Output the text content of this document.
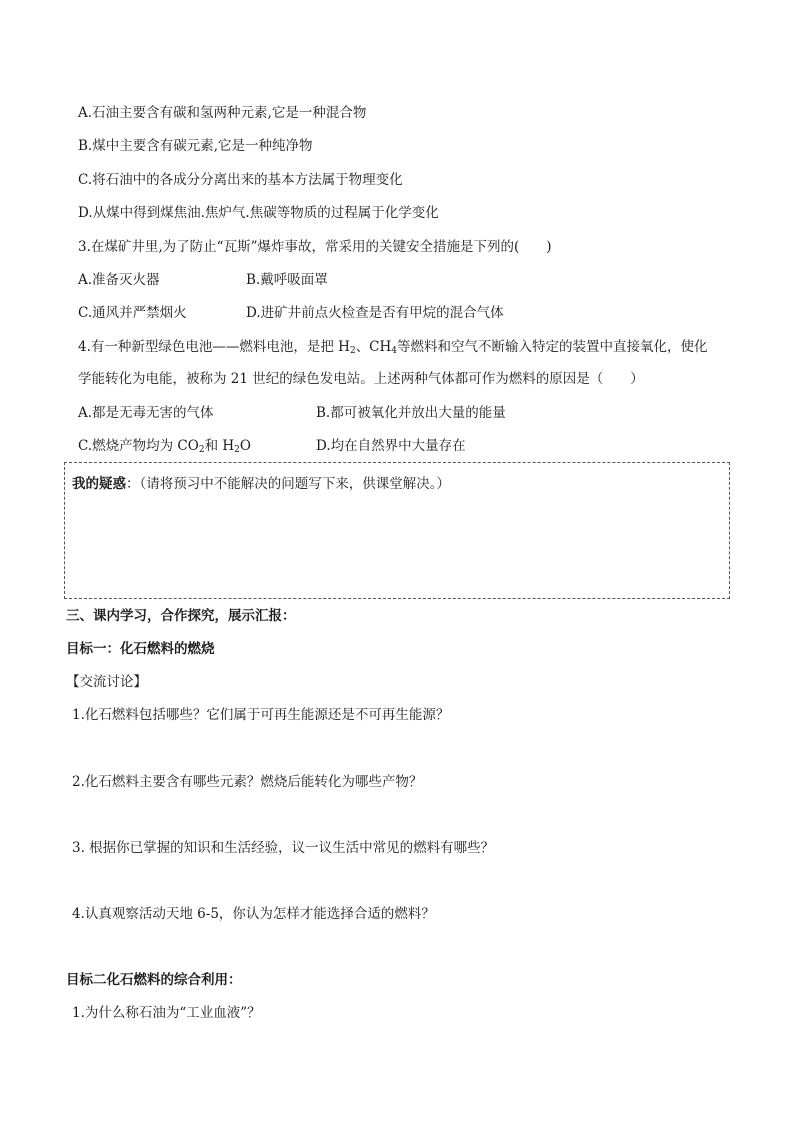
A.石油主要含有碳和氢两种元素,它是一种混合物
B.煤中主要含有碳元素,它是一种纯净物
C.将石油中的各成分分离出来的基本方法属于物理变化
D.从煤中得到煤焦油.焦炉气.焦碳等物质的过程属于化学变化
3.在煤矿井里,为了防止“瓦斯”爆炸事故，常采用的关键安全措施是下列的(　　)
A.准备灭火器	B.戴呼吸面罩
C.通风并严禁烟火	D.进矿井前点火检查是否有甲烷的混合气体
4.有一种新型绿色电池——燃料电池，是把 $H_2$、$CH_4$等燃料和空气不断输入特定的装置中直接氧化，使化
学能转化为电能，被称为 21 世纪的绿色发电站。上述两种气体都可作为燃料的原因是（　　）
A.都是无毒无害的气体	B.都可被氧化并放出大量的能量
C.燃烧产物均为 $CO_2$和 $H_2O$	D.均在自然界中大量存在
我的疑惑：（请将预习中不能解决的问题写下来，供课堂解决。）
三、课内学习，合作探究，展示汇报：
目标一：化石燃料的燃烧
【交流讨论】
1.化石燃料包括哪些？它们属于可再生能源还是不可再生能源？
2.化石燃料主要含有哪些元素？燃烧后能转化为哪些产物？
3. 根据你已掌握的知识和生活经验，议一议生活中常见的燃料有哪些？
4.认真观察活动天地 6-5，你认为怎样才能选择合适的燃料？
目标二化石燃料的综合利用：
1.为什么称石油为“工业血液”？
